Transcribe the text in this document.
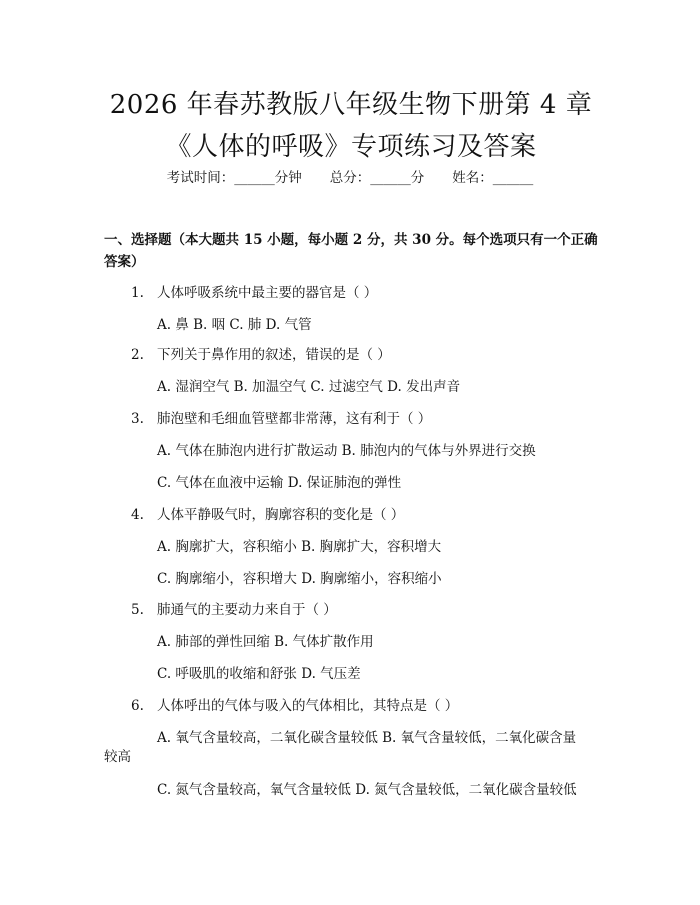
2026 年春苏教版八年级生物下册第 4 章《人体的呼吸》专项练习及答案
考试时间：______分钟 总分：______分 姓名：______
一、选择题（本大题共 15 小题，每小题 2 分，共 30 分。每个选项只有一个正确答案）
1. 人体呼吸系统中最主要的器官是（ ）
A. 鼻 B. 咽 C. 肺 D. 气管
2. 下列关于鼻作用的叙述，错误的是（ ）
A. 湿润空气 B. 加温空气 C. 过滤空气 D. 发出声音
3. 肺泡壁和毛细血管壁都非常薄，这有利于（ ）
A. 气体在肺泡内进行扩散运动 B. 肺泡内的气体与外界进行交换
C. 气体在血液中运输 D. 保证肺泡的弹性
4. 人体平静吸气时，胸廓容积的变化是（ ）
A. 胸廓扩大，容积缩小 B. 胸廓扩大，容积增大
C. 胸廓缩小，容积增大 D. 胸廓缩小，容积缩小
5. 肺通气的主要动力来自于（ ）
A. 肺部的弹性回缩 B. 气体扩散作用
C. 呼吸肌的收缩和舒张 D. 气压差
6. 人体呼出的气体与吸入的气体相比，其特点是（ ）
A. 氧气含量较高，二氧化碳含量较低 B. 氧气含量较低，二氧化碳含量
较高
C. 氮气含量较高，氧气含量较低 D. 氮气含量较低，二氧化碳含量较低
